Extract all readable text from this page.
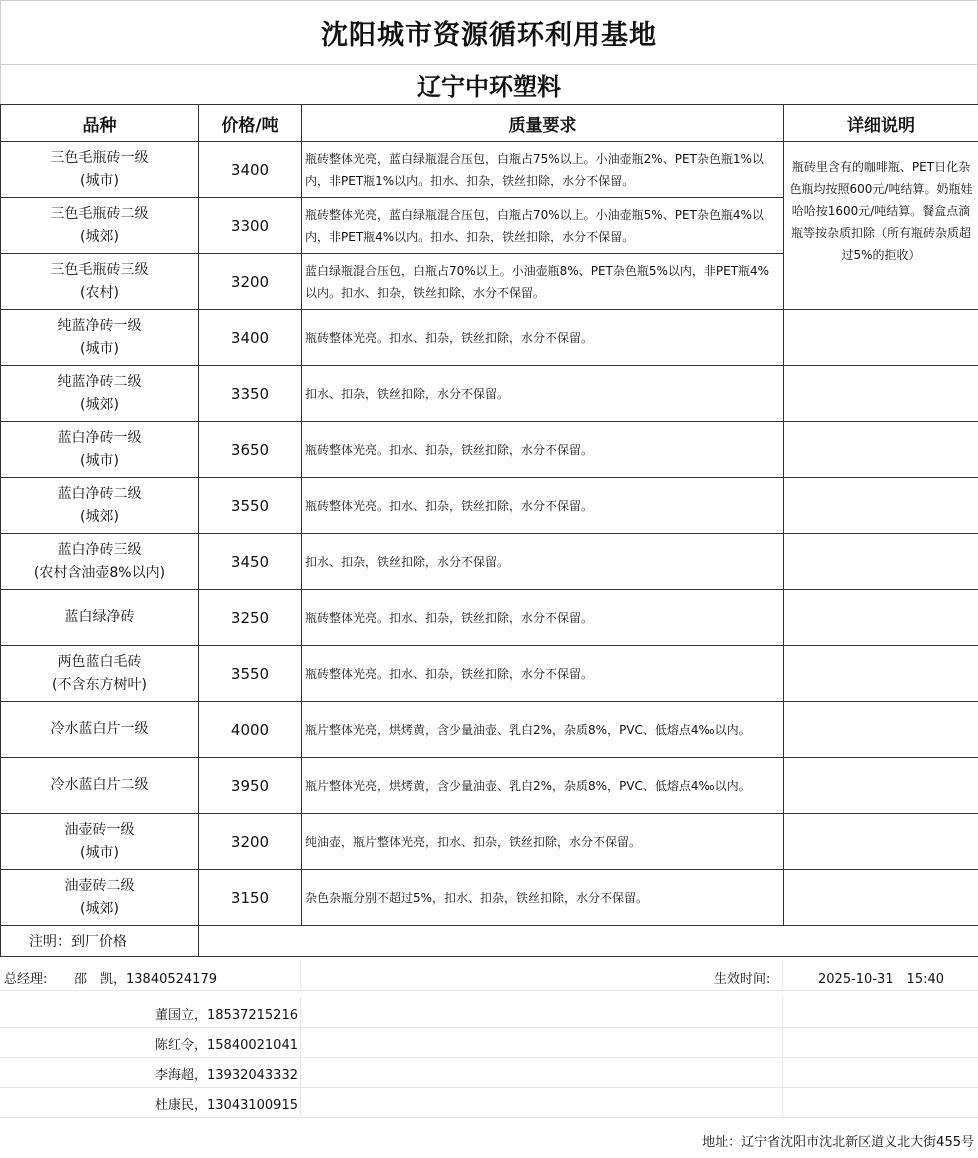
沈阳城市资源循环利用基地
辽宁中环塑料
品种	价格/吨	质量要求	详细说明

三色毛瓶砖一级
(城市)	3400	瓶砖整体光亮，蓝白绿瓶混合压包，白瓶占75%以上。小油壶瓶2%、PET杂色瓶1%以内，非PET瓶1%以内。扣水、扣杂，铁丝扣除，水分不保留。	瓶砖里含有的咖啡瓶、PET日化杂色瓶均按照600元/吨结算。奶瓶娃哈哈按1600元/吨结算。餐盒点滴瓶等按杂质扣除（所有瓶砖杂质超过5%的拒收）

三色毛瓶砖二级
(城郊)	3300	瓶砖整体光亮，蓝白绿瓶混合压包，白瓶占70%以上。小油壶瓶5%、PET杂色瓶4%以内，非PET瓶4%以内。扣水、扣杂，铁丝扣除，水分不保留。	

三色毛瓶砖三级
(农村)	3200	蓝白绿瓶混合压包，白瓶占70%以上。小油壶瓶8%、PET杂色瓶5%以内，非PET瓶4%以内。扣水、扣杂，铁丝扣除，水分不保留。	

纯蓝净砖一级
(城市)	3400	瓶砖整体光亮。扣水、扣杂，铁丝扣除，水分不保留。	

纯蓝净砖二级
(城郊)	3350	扣水、扣杂，铁丝扣除，水分不保留。	

蓝白净砖一级
(城市)	3650	瓶砖整体光亮。扣水、扣杂，铁丝扣除，水分不保留。	

蓝白净砖二级
(城郊)	3550	瓶砖整体光亮。扣水、扣杂，铁丝扣除，水分不保留。	

蓝白净砖三级
(农村含油壶8%以内)	3450	扣水、扣杂，铁丝扣除，水分不保留。	

蓝白绿净砖	3250	瓶砖整体光亮。扣水、扣杂，铁丝扣除，水分不保留。	

两色蓝白毛砖
(不含东方树叶)	3550	瓶砖整体光亮。扣水、扣杂，铁丝扣除，水分不保留。	

冷水蓝白片一级	4000	瓶片整体光亮，烘烤黄，含少量油壶、乳白2%，杂质8%，PVC、低熔点4‰以内。	

冷水蓝白片二级	3950	瓶片整体光亮，烘烤黄，含少量油壶、乳白2%，杂质8%，PVC、低熔点4‰以内。	

油壶砖一级
(城市)	3200	纯油壶，瓶片整体光亮，扣水、扣杂，铁丝扣除，水分不保留。	

油壶砖二级
(城郊)	3150	杂色杂瓶分别不超过5%，扣水、扣杂，铁丝扣除，水分不保留。	
注明：到厂价格			
总经理: 邵　凯，13840524179	生效时间:	2025-10-31　15:40
董国立，18537215216
陈红令，15840021041
李海超，13932043332
杜康民，13043100915
地址：辽宁省沈阳市沈北新区道义北大街455号
